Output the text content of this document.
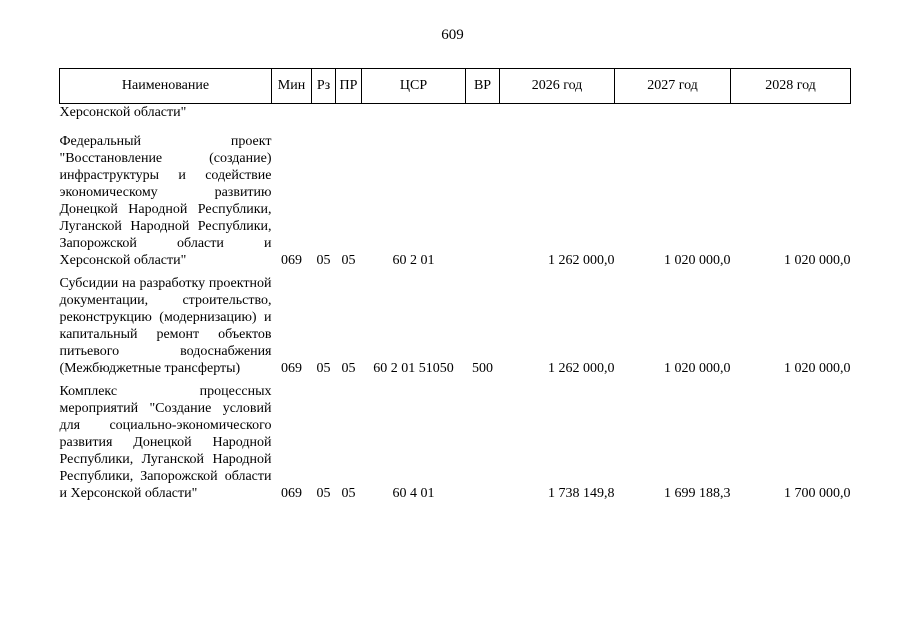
609
Наименование	Мин	Рз	ПР	ЦСР	ВР	2026 год	2027 год	2028 год
Херсонской области"								

Федеральный проект "Восстановление (создание) инфраструктуры и содействие экономическому развитию Донецкой Народной Республики, Луганской Народной Республики, Запорожской области и Херсонской области"	069	05	05	60 2 01		1 262 000,0	1 020 000,0	1 020 000,0

Субсидии на разработку проектной документации, строительство, реконструкцию (модернизацию) и капитальный ремонт объектов питьевого водоснабжения (Межбюджетные трансферты)	069	05	05	60 2 01 51050	500	1 262 000,0	1 020 000,0	1 020 000,0

Комплекс процессных мероприятий "Создание условий для социально-экономического развития Донецкой Народной Республики, Луганской Народной Республики, Запорожской области и Херсонской области"	069	05	05	60 4 01		1 738 149,8	1 699 188,3	1 700 000,0
